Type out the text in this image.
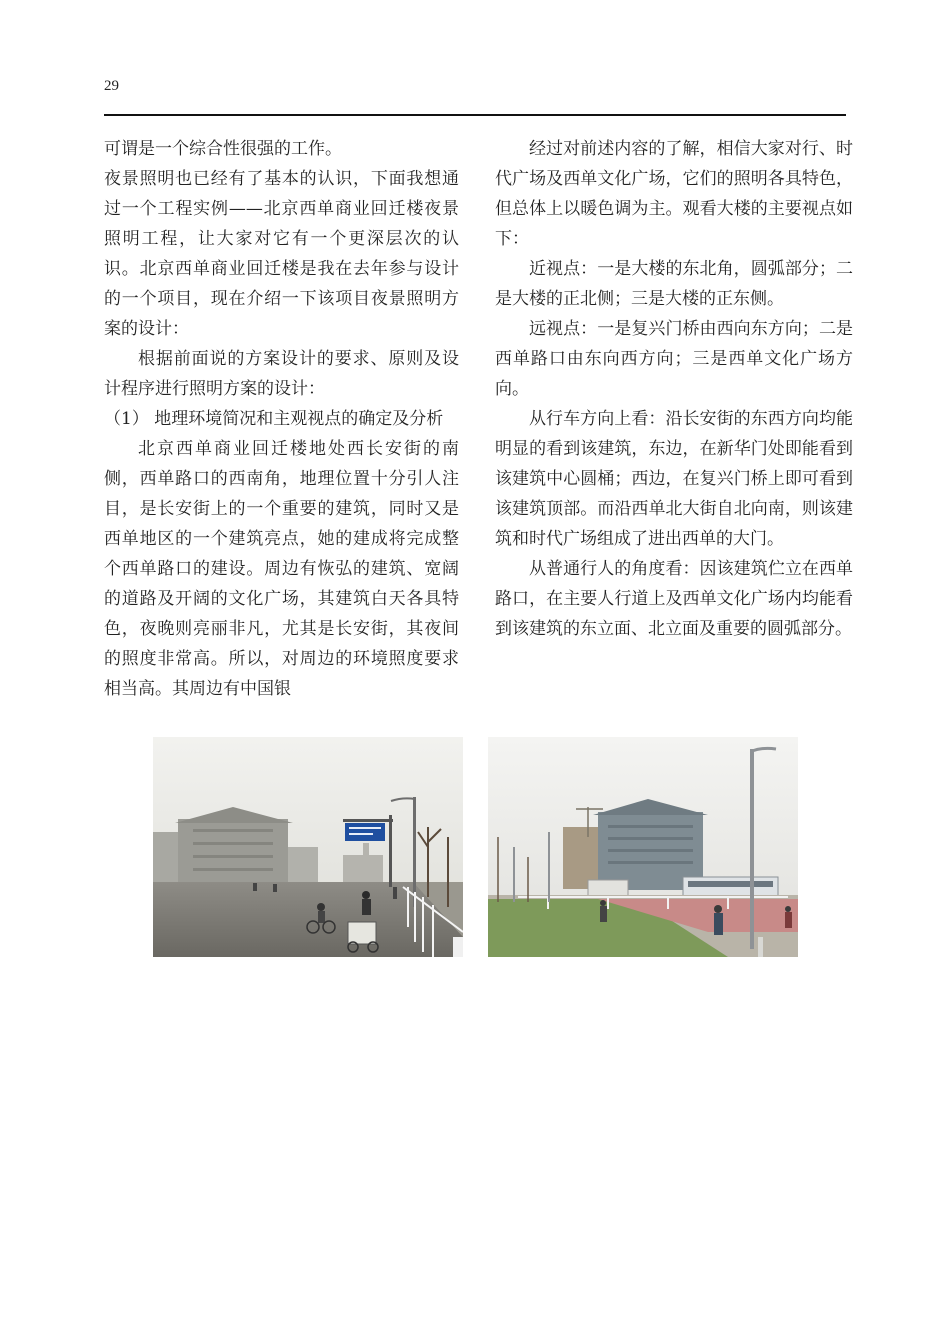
29

可谓是一个综合性很强的工作。

夜景照明也已经有了基本的认识，下面我想通过一个工程实例——北京西单商业回迁楼夜景照明工程，让大家对它有一个更深层次的认识。北京西单商业回迁楼是我在去年参与设计的一个项目，现在介绍一下该项目夜景照明方案的设计：

根据前面说的方案设计的要求、原则及设计程序进行照明方案的设计：

（1） 地理环境简况和主观视点的确定及分析

北京西单商业回迁楼地处西长安街的南侧，西单路口的西南角，地理位置十分引人注目，是长安街上的一个重要的建筑，同时又是西单地区的一个建筑亮点，她的建成将完成整个西单路口的建设。周边有恢弘的建筑、宽阔的道路及开阔的文化广场，其建筑白天各具特色，夜晚则亮丽非凡，尤其是长安街，其夜间的照度非常高。所以，对周边的环境照度要求相当高。其周边有中国银

经过对前述内容的了解，相信大家对行、时代广场及西单文化广场，它们的照明各具特色，但总体上以暖色调为主。观看大楼的主要视点如下：

近视点：一是大楼的东北角，圆弧部分；二是大楼的正北侧；三是大楼的正东侧。

远视点：一是复兴门桥由西向东方向；二是西单路口由东向西方向；三是西单文化广场方向。

从行车方向上看：沿长安街的东西方向均能明显的看到该建筑，东边，在新华门处即能看到该建筑中心圆桶；西边，在复兴门桥上即可看到该建筑顶部。而沿西单北大街自北向南，则该建筑和时代广场组成了进出西单的大门。

从普通行人的角度看：因该建筑伫立在西单路口，在主要人行道上及西单文化广场内均能看到该建筑的东立面、北立面及重要的圆弧部分。
